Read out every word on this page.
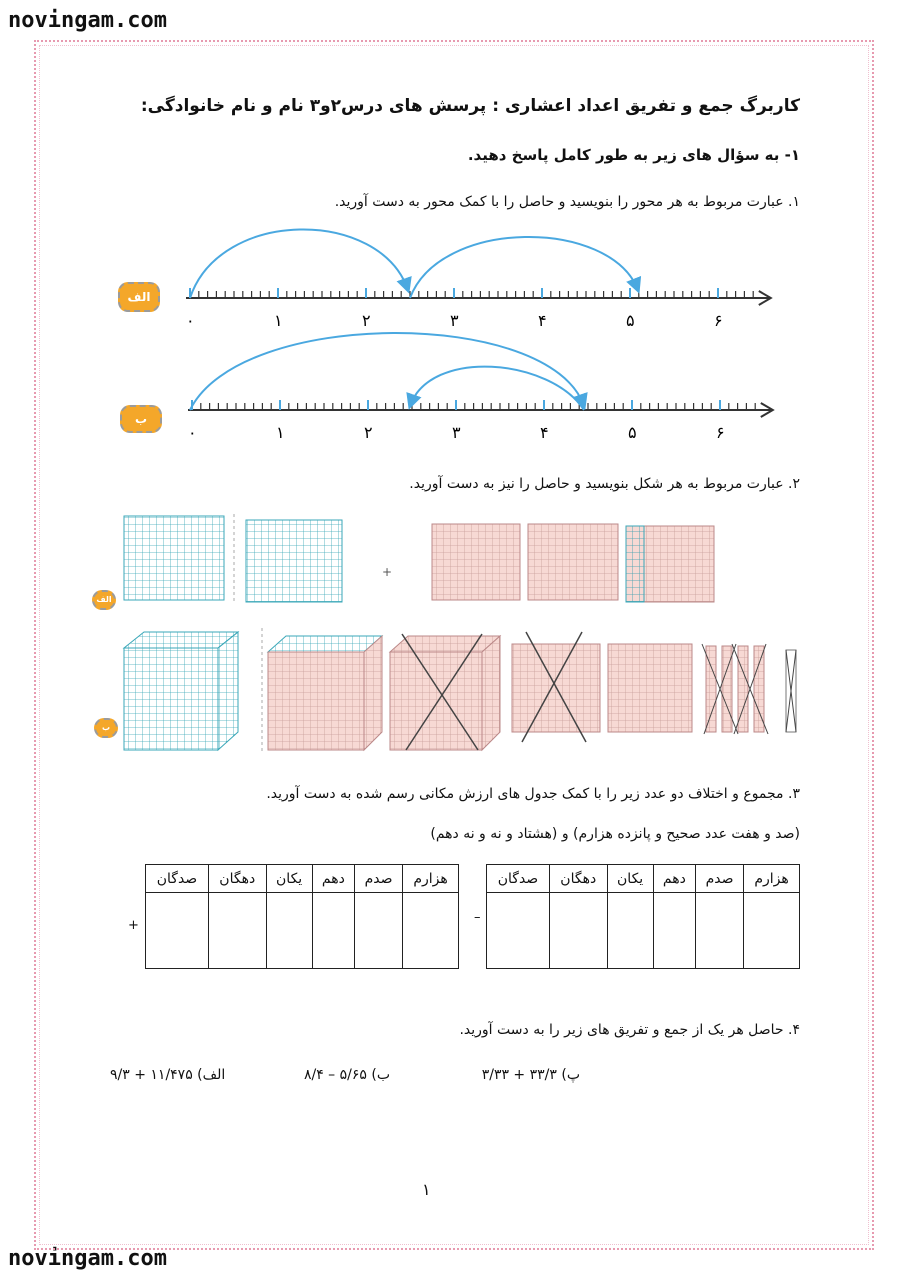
novingam.com
novingam.com
کاربرگ جمع و تفریق اعداد اعشاری : پرسش های درس۲و۳ نام و نام خانوادگی:
۱- به سؤال های زیر به طور کامل پاسخ دهید.
۱. عبارت مربوط به هر محور را بنویسید و حاصل را با کمک محور به دست آورید.
۰	۱	۲	۳	۴	۵	۶
۰	۱	۲	۳	۴	۵	۶
الف
ب
۲. عبارت مربوط به هر شکل بنویسید و حاصل را نیز به دست آورید.
+
الف
ب
۳. مجموع و اختلاف دو عدد زیر را با کمک جدول های ارزش مکانی رسم شده به دست آورید.
(صد و هفت عدد صحیح و پانزده هزارم) و (هشتاد و نه و نه دهم)
هزارم	صدم	دهم	یکان	دهگان	صدگان

–
هزارم	صدم	دهم	یکان	دهگان	صدگان

+
۴. حاصل هر یک از جمع و تفریق های زیر را به دست آورید.
پ) ۳۳/۳ + ۳/۳۳
ب) ۵/۶۵ – ۸/۴
الف) ۱۱/۴۷۵ + ۹/۳
۱
